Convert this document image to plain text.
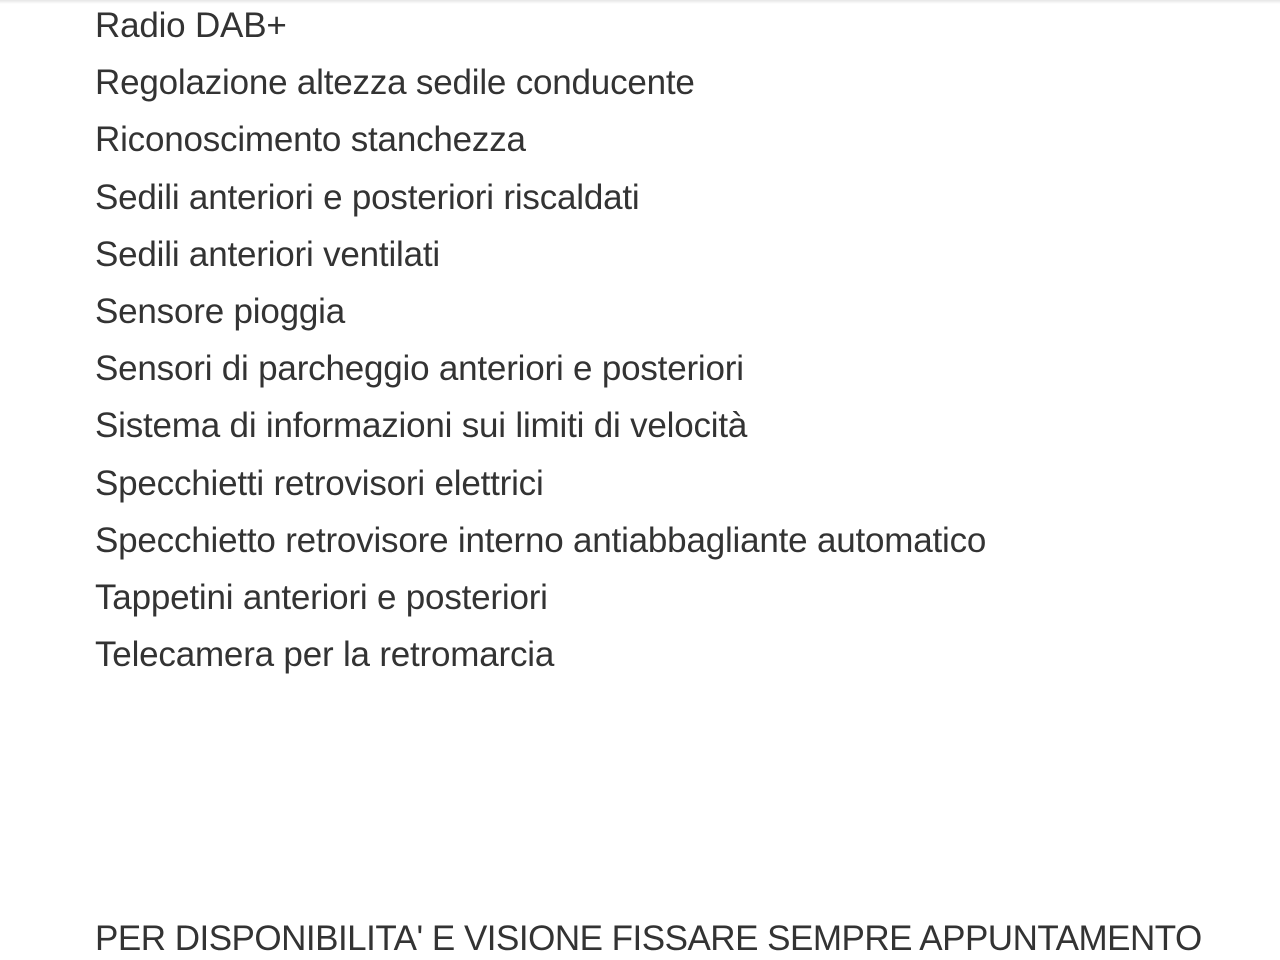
Radio DAB+
Regolazione altezza sedile conducente
Riconoscimento stanchezza
Sedili anteriori e posteriori riscaldati
Sedili anteriori ventilati
Sensore pioggia
Sensori di parcheggio anteriori e posteriori
Sistema di informazioni sui limiti di velocità
Specchietti retrovisori elettrici
Specchietto retrovisore interno antiabbagliante automatico
Tappetini anteriori e posteriori
Telecamera per la retromarcia
PER DISPONIBILITA' E VISIONE FISSARE SEMPRE APPUNTAMENTO
